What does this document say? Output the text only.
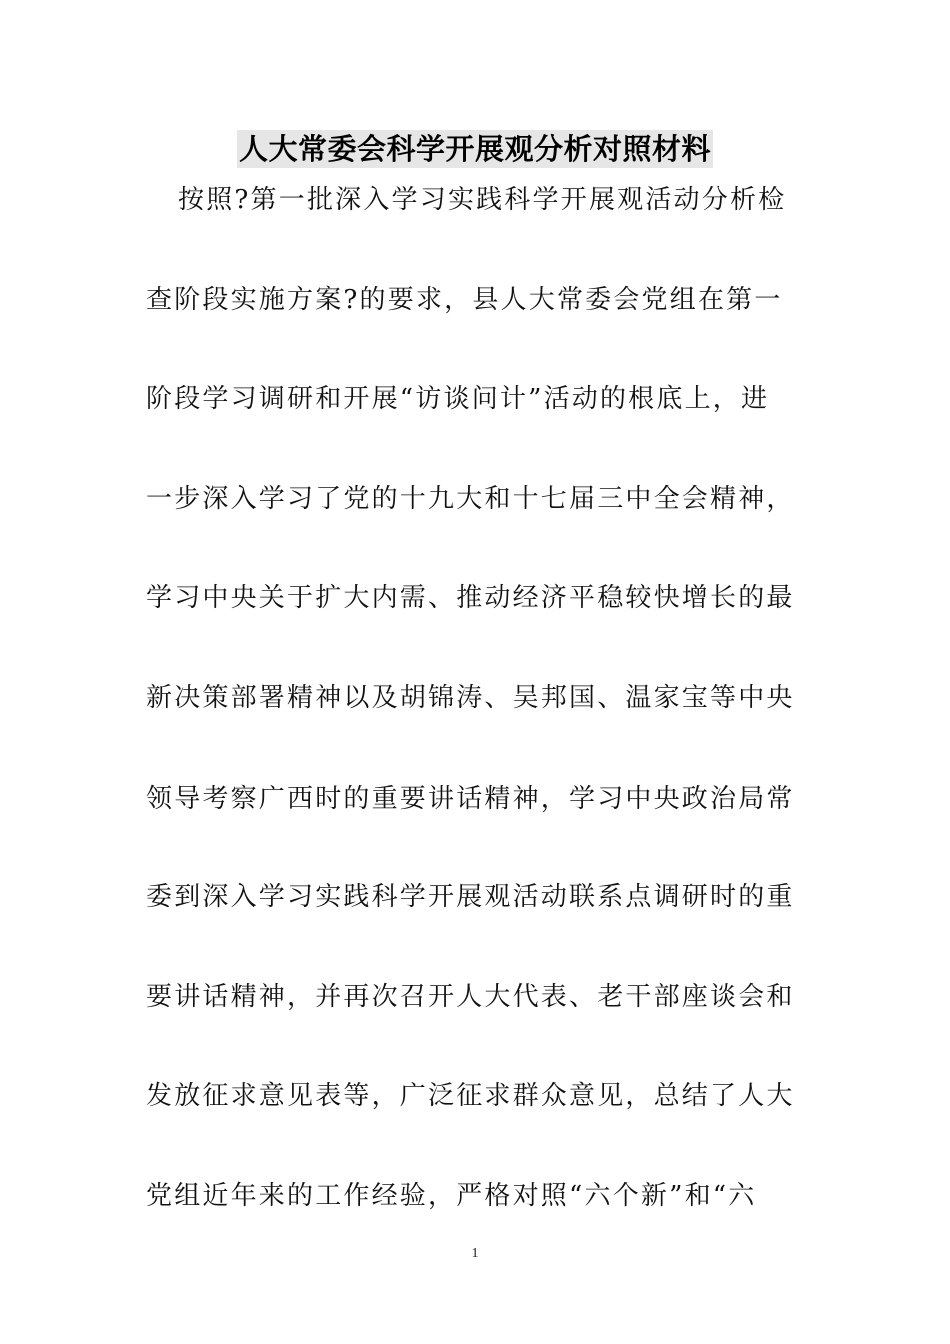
人大常委会科学开展观分析对照材料
按照?第一批深入学习实践科学开展观活动分析检
查阶段实施方案?的要求，县人大常委会党组在第一
阶段学习调研和开展“访谈问计”活动的根底上，进
一步深入学习了党的十九大和十七届三中全会精神，
学习中央关于扩大内需、推动经济平稳较快增长的最
新决策部署精神以及胡锦涛、吴邦国、温家宝等中央
领导考察广西时的重要讲话精神，学习中央政治局常
委到深入学习实践科学开展观活动联系点调研时的重
要讲话精神，并再次召开人大代表、老干部座谈会和
发放征求意见表等，广泛征求群众意见，总结了人大
党组近年来的工作经验，严格对照“六个新”和“六
1
